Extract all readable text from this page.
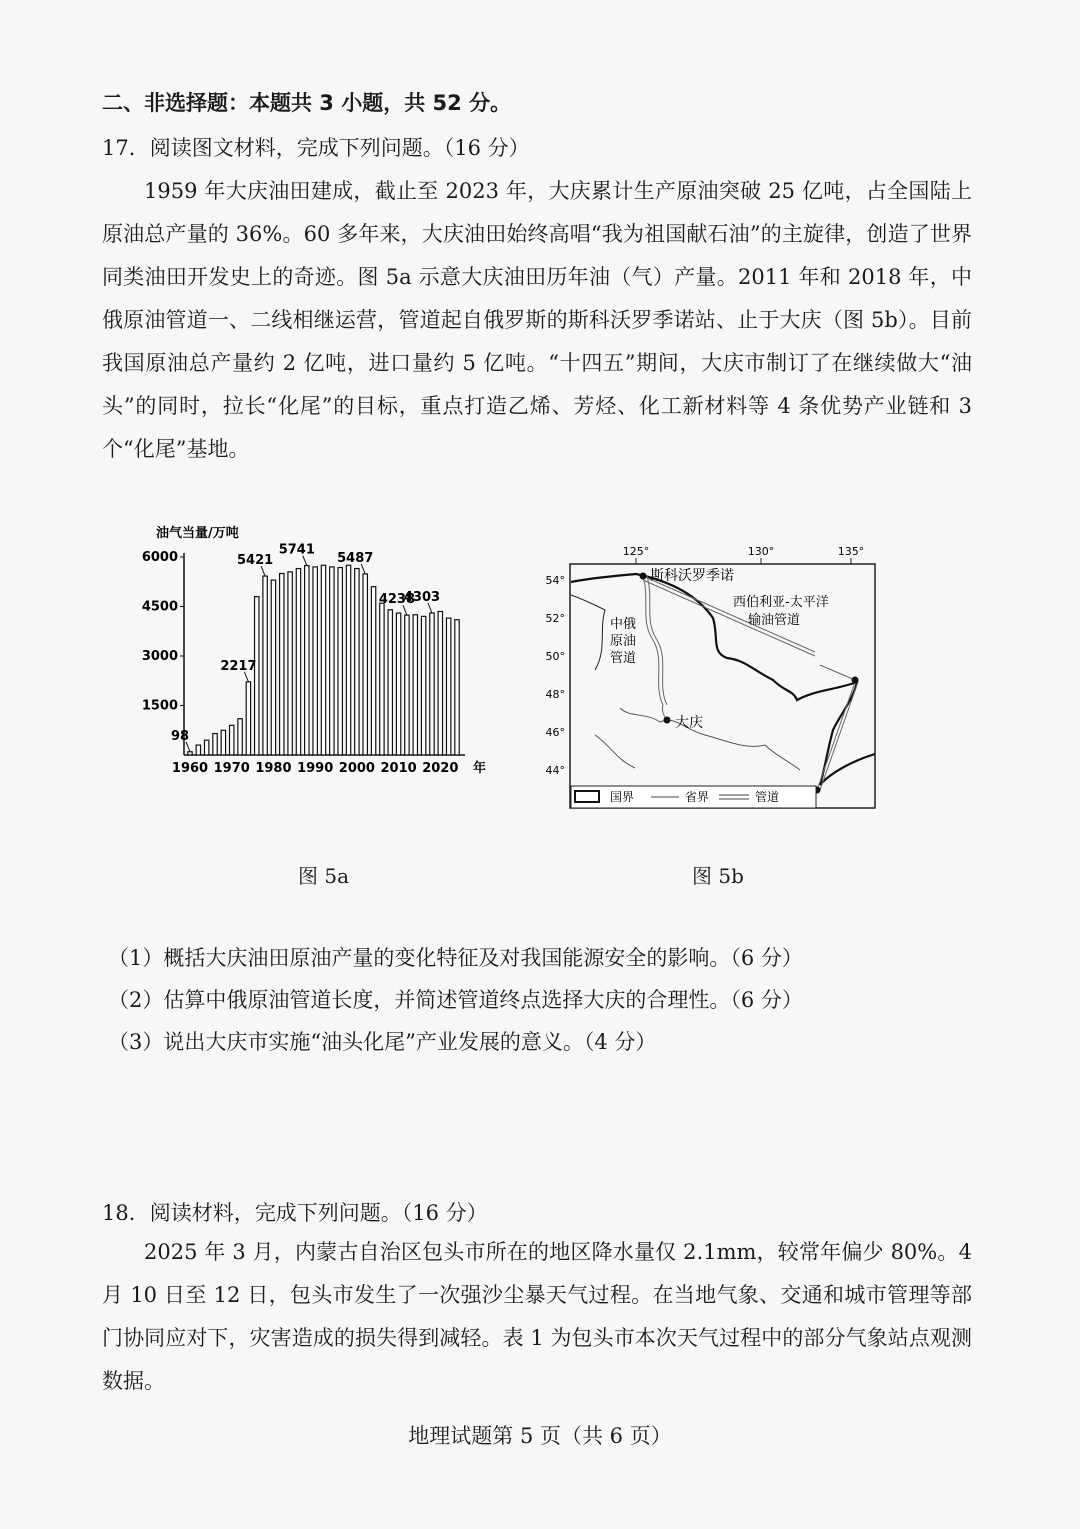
二、非选择题：本题共 3 小题，共 52 分。
17．阅读图文材料，完成下列问题。（16 分）
1959 年大庆油田建成，截止至 2023 年，大庆累计生产原油突破 25 亿吨，占全国陆上原油总产量的 36%。60 多年来，大庆油田始终高唱“我为祖国献石油”的主旋律，创造了世界同类油田开发史上的奇迹。图 5a 示意大庆油田历年油（气）产量。2011 年和 2018 年，中俄原油管道一、二线相继运营，管道起自俄罗斯的斯科沃罗季诺站、止于大庆（图 5b）。目前我国原油总产量约 2 亿吨，进口量约 5 亿吨。“十四五”期间，大庆市制订了在继续做大“油头”的同时，拉长“化尾”的目标，重点打造乙烯、芳烃、化工新材料等 4 条优势产业链和 3 个“化尾”基地。
油气当量/万吨
1500
3000
4500
6000
1960 1970 1980 1990 2000 2010 2020 年
98
2217
5421
5741
5487
4238
4303
125°	130°	135°
54°
52°
50°
48°
46°
44°
斯科沃罗季诺
西伯利亚-太平洋
输油管道
中俄
原油
管道
大庆
国界	省界	管道
图 5a	图 5b
（1）概括大庆油田原油产量的变化特征及对我国能源安全的影响。（6 分）
（2）估算中俄原油管道长度，并简述管道终点选择大庆的合理性。（6 分）
（3）说出大庆市实施“油头化尾”产业发展的意义。（4 分）
18．阅读材料，完成下列问题。（16 分）
2025 年 3 月，内蒙古自治区包头市所在的地区降水量仅 2.1mm，较常年偏少 80%。4 月 10 日至 12 日，包头市发生了一次强沙尘暴天气过程。在当地气象、交通和城市管理等部门协同应对下，灾害造成的损失得到减轻。表 1 为包头市本次天气过程中的部分气象站点观测数据。
地理试题第 5 页（共 6 页）
